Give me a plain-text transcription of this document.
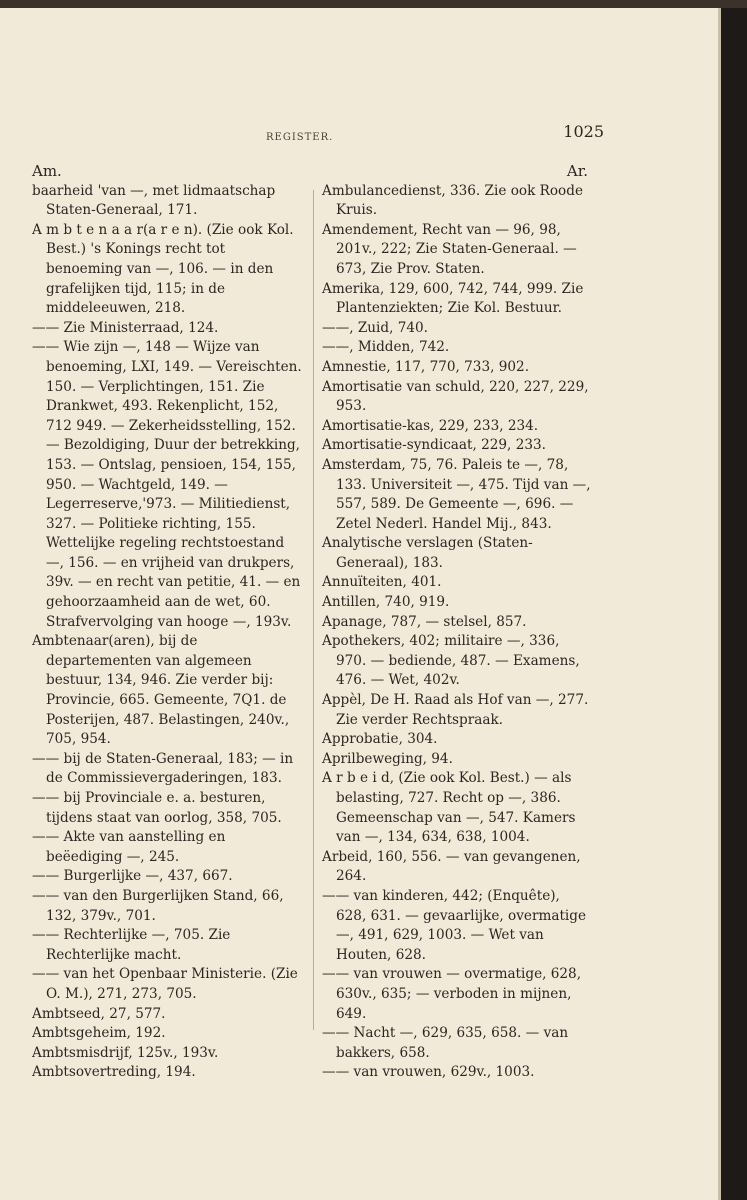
REGISTER.	1025
Am.

baarheid 'van —, met lidmaatschap Staten-Generaal, 171.

A m b t e n a a r(a r e n). (Zie ook Kol. Best.) 's Konings recht tot benoeming van —, 106. — in den grafelijken tijd, 115; in de middeleeuwen, 218.

—— Zie Ministerraad, 124.

—— Wie zijn —, 148 — Wijze van benoeming, LXI, 149. — Vereischten. 150. — Verplichtingen, 151. Zie Drankwet, 493. Rekenplicht, 152, 712 949. — Zekerheidsstelling, 152. — Bezoldiging, Duur der betrekking, 153. — Ontslag, pensioen, 154, 155, 950. — Wachtgeld, 149. — Legerreserve,'973. — Militiedienst, 327. — Politieke richting, 155. Wettelijke regeling rechtstoestand —, 156. — en vrijheid van drukpers, 39v. — en recht van petitie, 41. — en gehoorzaamheid aan de wet, 60. Strafvervolging van hooge —, 193v.

Ambtenaar(aren), bij de departementen van algemeen bestuur, 134, 946. Zie verder bij: Provincie, 665. Gemeente, 7Q1. de Posterijen, 487. Belastingen, 240v., 705, 954.

—— bij de Staten-Generaal, 183; — in de Commissievergaderingen, 183.

—— bij Provinciale e. a. besturen, tijdens staat van oorlog, 358, 705.

—— Akte van aanstelling en beëediging —, 245.

—— Burgerlijke —, 437, 667.

—— van den Burgerlijken Stand, 66, 132, 379v., 701.

—— Rechterlijke —, 705. Zie Rechterlijke macht.

—— van het Openbaar Ministerie. (Zie O. M.), 271, 273, 705.

Ambtseed, 27, 577.

Ambtsgeheim, 192.

Ambtsmisdrijf, 125v., 193v.

Ambtsovertreding, 194.

Ar.

Ambulancedienst, 336. Zie ook Roode Kruis.

Amendement, Recht van — 96, 98, 201v., 222; Zie Staten-Generaal. — 673, Zie Prov. Staten.

Amerika, 129, 600, 742, 744, 999. Zie Plantenziekten; Zie Kol. Bestuur.

——, Zuid, 740.

——, Midden, 742.

Amnestie, 117, 770, 733, 902.

Amortisatie van schuld, 220, 227, 229, 953.

Amortisatie-kas, 229, 233, 234.

Amortisatie-syndicaat, 229, 233.

Amsterdam, 75, 76. Paleis te —, 78, 133. Universiteit —, 475. Tijd van —, 557, 589. De Gemeente —, 696. — Zetel Nederl. Handel Mij., 843.

Analytische verslagen (Staten-Generaal), 183.

Annuïteiten, 401.

Antillen, 740, 919.

Apanage, 787, — stelsel, 857.

Apothekers, 402; militaire —, 336, 970. — bediende, 487. — Examens, 476. — Wet, 402v.

Appèl, De H. Raad als Hof van —, 277. Zie verder Rechtspraak.

Approbatie, 304.

Aprilbeweging, 94.

A r b e i d, (Zie ook Kol. Best.) — als belasting, 727. Recht op —, 386. Gemeenschap van —, 547. Kamers van —, 134, 634, 638, 1004.

Arbeid, 160, 556. — van gevangenen, 264.

—— van kinderen, 442; (Enquête), 628, 631. — gevaarlijke, overmatige —, 491, 629, 1003. — Wet van Houten, 628.

—— van vrouwen — overmatige, 628, 630v., 635; — verboden in mijnen, 649.

—— Nacht —, 629, 635, 658. — van bakkers, 658.

—— van vrouwen, 629v., 1003.
